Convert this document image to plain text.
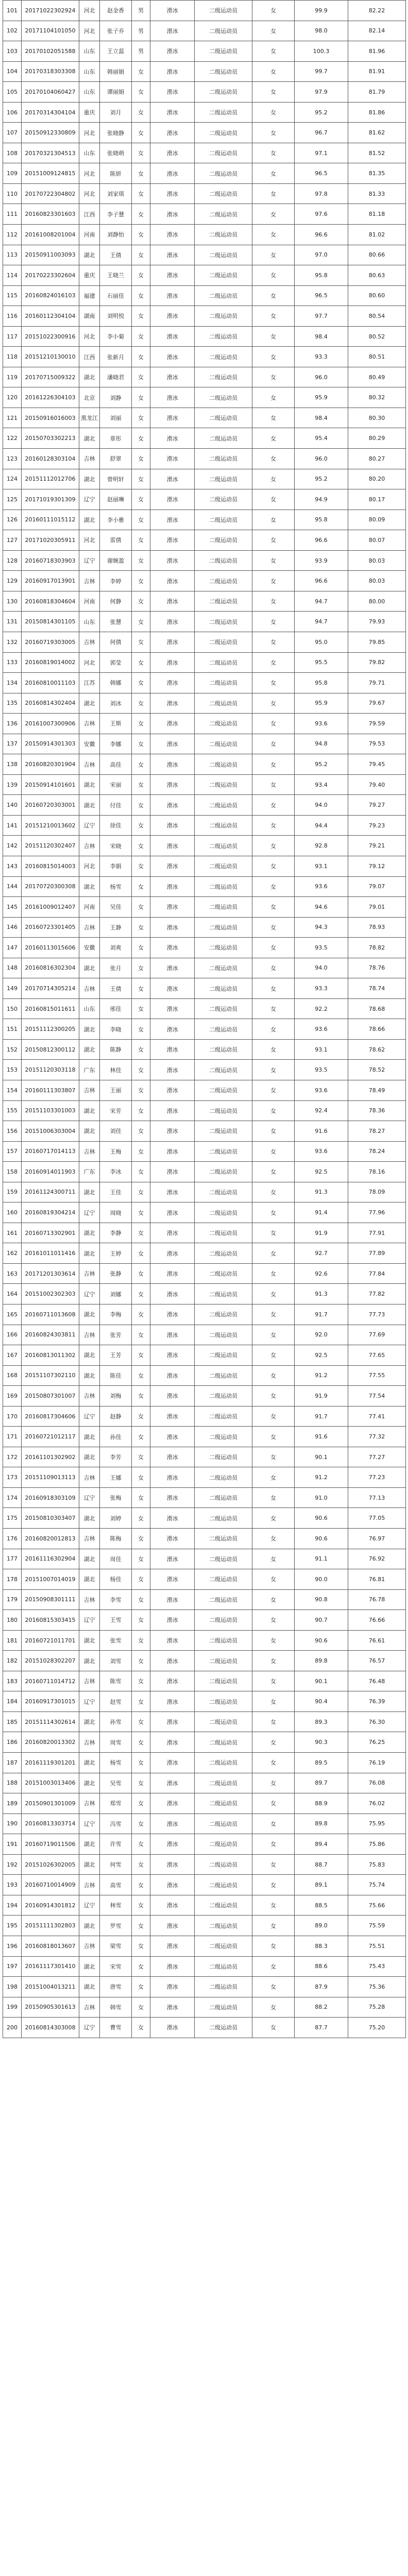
101	20171022302924	河北	赵金香	男	滑冰	二级运动员	女	99.9	82.22
102	20171104101050	河北	张子乔	男	滑冰	二级运动员	女	98.0	82.14
103	20170102051588	山东	王立蕊	男	滑冰	二级运动员	女	100.3	81.96
104	20170318303308	山东	韩丽娟	女	滑冰	二级运动员	女	99.7	81.91
105	20170104060427	山东	谭丽娟	女	滑冰	二级运动员	女	97.9	81.79
106	20170314304104	重庆	刘月	女	滑冰	二级运动员	女	95.2	81.86
107	20150912330809	河北	张晓静	女	滑冰	二级运动员	女	96.7	81.62
108	20170321304513	山东	张晓萌	女	滑冰	二级运动员	女	97.1	81.52
109	20151009124815	河北	陈妍	女	滑冰	二级运动员	女	96.5	81.35
110	20170722304802	河北	刘家琪	女	滑冰	二级运动员	女	97.8	81.33
111	20160823301603	江西	李子慧	女	滑冰	二级运动员	女	97.6	81.18
112	20161008201004	河南	刘静怡	女	滑冰	二级运动员	女	96.6	81.02
113	20150911003093	湖北	王倩	女	滑冰	二级运动员	女	97.0	80.66
114	20170223302604	重庆	王晓兰	女	滑冰	二级运动员	女	95.8	80.63
115	20160824016103	福建	石丽佳	女	滑冰	二级运动员	女	96.5	80.60
116	20160112304104	湖南	刘明悦	女	滑冰	二级运动员	女	97.7	80.54
117	20151022300916	河北	李小菊	女	滑冰	二级运动员	女	98.4	80.52
118	20151210130010	江西	张新月	女	滑冰	二级运动员	女	93.3	80.51
119	20170715009322	湖北	潘晓君	女	滑冰	二级运动员	女	96.0	80.49
120	20161226304103	北京	刘静	女	滑冰	二级运动员	女	95.9	80.32
121	20150916016003	黑龙江	刘丽	女	滑冰	二级运动员	女	98.4	80.30
122	20150703302213	湖北	章彤	女	滑冰	二级运动员	女	95.4	80.29
123	20160128303104	吉林	舒翠	女	滑冰	二级运动员	女	96.0	80.27
124	20151112012706	湖北	曾明轩	女	滑冰	二级运动员	女	95.2	80.20
125	20171019301309	辽宁	赵丽琳	女	滑冰	二级运动员	女	94.9	80.17
126	20160111015112	湖北	李小雅	女	滑冰	二级运动员	女	95.8	80.09
127	20171020305911	河北	雷倩	女	滑冰	二级运动员	女	96.6	80.07
128	20160718303903	辽宁	谢婉盈	女	滑冰	二级运动员	女	93.9	80.03
129	20160917013901	吉林	李婷	女	滑冰	二级运动员	女	96.6	80.03
130	20160818304604	河南	何静	女	滑冰	二级运动员	女	94.7	80.00
131	20150814301105	山东	张慧	女	滑冰	二级运动员	女	94.7	79.93
132	20160719303005	吉林	何倩	女	滑冰	二级运动员	女	95.0	79.85
133	20160819014002	河北	郭莹	女	滑冰	二级运动员	女	95.5	79.82
134	20160810011103	江苏	韩娜	女	滑冰	二级运动员	女	95.8	79.71
135	20160814302404	湖北	刘冰	女	滑冰	二级运动员	女	95.9	79.67
136	20161007300906	吉林	王斯	女	滑冰	二级运动员	女	93.6	79.59
137	20150914301303	安徽	李娜	女	滑冰	二级运动员	女	94.8	79.53
138	20160820301904	吉林	高佳	女	滑冰	二级运动员	女	95.2	79.45
139	20150914101601	湖北	宋丽	女	滑冰	二级运动员	女	93.4	79.40
140	20160720303001	湖北	付佳	女	滑冰	二级运动员	女	94.0	79.27
141	20151210013602	辽宁	徐佳	女	滑冰	二级运动员	女	94.4	79.23
142	20151120302407	吉林	宋晓	女	滑冰	二级运动员	女	92.8	79.21
143	20160815014003	河北	李娟	女	滑冰	二级运动员	女	93.1	79.12
144	20170720300308	湖北	杨雪	女	滑冰	二级运动员	女	93.6	79.07
145	20161009012407	河南	吴佳	女	滑冰	二级运动员	女	94.6	79.01
146	20160723301405	吉林	王静	女	滑冰	二级运动员	女	94.3	78.93
147	20160113015606	安徽	刘爽	女	滑冰	二级运动员	女	93.5	78.82
148	20160816302304	湖北	张月	女	滑冰	二级运动员	女	94.0	78.76
149	20170714305214	吉林	王倩	女	滑冰	二级运动员	女	93.3	78.74
150	20160815011611	山东	邢佳	女	滑冰	二级运动员	女	92.2	78.68
151	20151112300205	湖北	李晓	女	滑冰	二级运动员	女	93.6	78.66
152	20150812300112	湖北	陈静	女	滑冰	二级运动员	女	93.1	78.62
153	20151120303118	广东	林佳	女	滑冰	二级运动员	女	93.5	78.52
154	20160111303807	吉林	王丽	女	滑冰	二级运动员	女	93.6	78.49
155	20151103301003	湖北	宋芳	女	滑冰	二级运动员	女	92.4	78.36
156	20151006303004	湖北	刘佳	女	滑冰	二级运动员	女	91.6	78.27
157	20160717014113	吉林	王梅	女	滑冰	二级运动员	女	93.6	78.24
158	20160914011903	广东	李冰	女	滑冰	二级运动员	女	92.5	78.16
159	20161124300711	湖北	王佳	女	滑冰	二级运动员	女	91.3	78.09
160	20160819304214	辽宁	周晓	女	滑冰	二级运动员	女	91.4	77.96
161	20160713302901	湖北	李静	女	滑冰	二级运动员	女	91.9	77.91
162	20161011011416	湖北	王婷	女	滑冰	二级运动员	女	92.7	77.89
163	20171201303614	吉林	张静	女	滑冰	二级运动员	女	92.6	77.84
164	20151002302303	辽宁	刘娜	女	滑冰	二级运动员	女	91.3	77.82
165	20160711013608	湖北	李梅	女	滑冰	二级运动员	女	91.7	77.73
166	20160824303811	吉林	张芳	女	滑冰	二级运动员	女	92.0	77.69
167	20160813011302	湖北	王芳	女	滑冰	二级运动员	女	92.5	77.65
168	20151107302110	湖北	陈佳	女	滑冰	二级运动员	女	91.2	77.55
169	20150807301007	吉林	刘梅	女	滑冰	二级运动员	女	91.9	77.54
170	20160817304606	辽宁	赵静	女	滑冰	二级运动员	女	91.7	77.41
171	20160721012117	湖北	孙佳	女	滑冰	二级运动员	女	91.6	77.32
172	20161101302902	湖北	李芳	女	滑冰	二级运动员	女	90.1	77.27
173	20151109013113	吉林	王娜	女	滑冰	二级运动员	女	91.2	77.23
174	20160918303109	辽宁	张梅	女	滑冰	二级运动员	女	91.0	77.13
175	20150810303407	湖北	刘婷	女	滑冰	二级运动员	女	90.6	77.05
176	20160820012813	吉林	陈梅	女	滑冰	二级运动员	女	90.6	76.97
177	20161116302904	湖北	周佳	女	滑冰	二级运动员	女	91.1	76.92
178	20151007014019	湖北	杨佳	女	滑冰	二级运动员	女	90.0	76.81
179	20150908301111	吉林	李雪	女	滑冰	二级运动员	女	90.8	76.78
180	20160815303415	辽宁	王雪	女	滑冰	二级运动员	女	90.7	76.66
181	20160721011701	湖北	张雪	女	滑冰	二级运动员	女	90.6	76.61
182	20151028302207	湖北	刘雪	女	滑冰	二级运动员	女	89.8	76.57
183	20160711014712	吉林	陈雪	女	滑冰	二级运动员	女	90.1	76.48
184	20160917301015	辽宁	赵雪	女	滑冰	二级运动员	女	90.4	76.39
185	20151114302614	湖北	孙雪	女	滑冰	二级运动员	女	89.3	76.30
186	20160820013302	吉林	周雪	女	滑冰	二级运动员	女	90.3	76.25
187	20161119301201	湖北	杨雪	女	滑冰	二级运动员	女	89.5	76.19
188	20151003013406	湖北	吴雪	女	滑冰	二级运动员	女	89.7	76.08
189	20150901301009	吉林	郑雪	女	滑冰	二级运动员	女	88.9	76.02
190	20160813303714	辽宁	冯雪	女	滑冰	二级运动员	女	89.8	75.95
191	20160719011506	湖北	许雪	女	滑冰	二级运动员	女	89.4	75.86
192	20151026302005	湖北	何雪	女	滑冰	二级运动员	女	88.7	75.83
193	20160710014909	吉林	高雪	女	滑冰	二级运动员	女	89.1	75.74
194	20160914301812	辽宁	林雪	女	滑冰	二级运动员	女	88.5	75.66
195	20151111302803	湖北	罗雪	女	滑冰	二级运动员	女	89.0	75.59
196	20160818013607	吉林	梁雪	女	滑冰	二级运动员	女	88.3	75.51
197	20161117301410	湖北	宋雪	女	滑冰	二级运动员	女	88.6	75.43
198	20151004013211	湖北	唐雪	女	滑冰	二级运动员	女	87.9	75.36
199	20150905301613	吉林	韩雪	女	滑冰	二级运动员	女	88.2	75.28
200	20160814303008	辽宁	曹雪	女	滑冰	二级运动员	女	87.7	75.20
